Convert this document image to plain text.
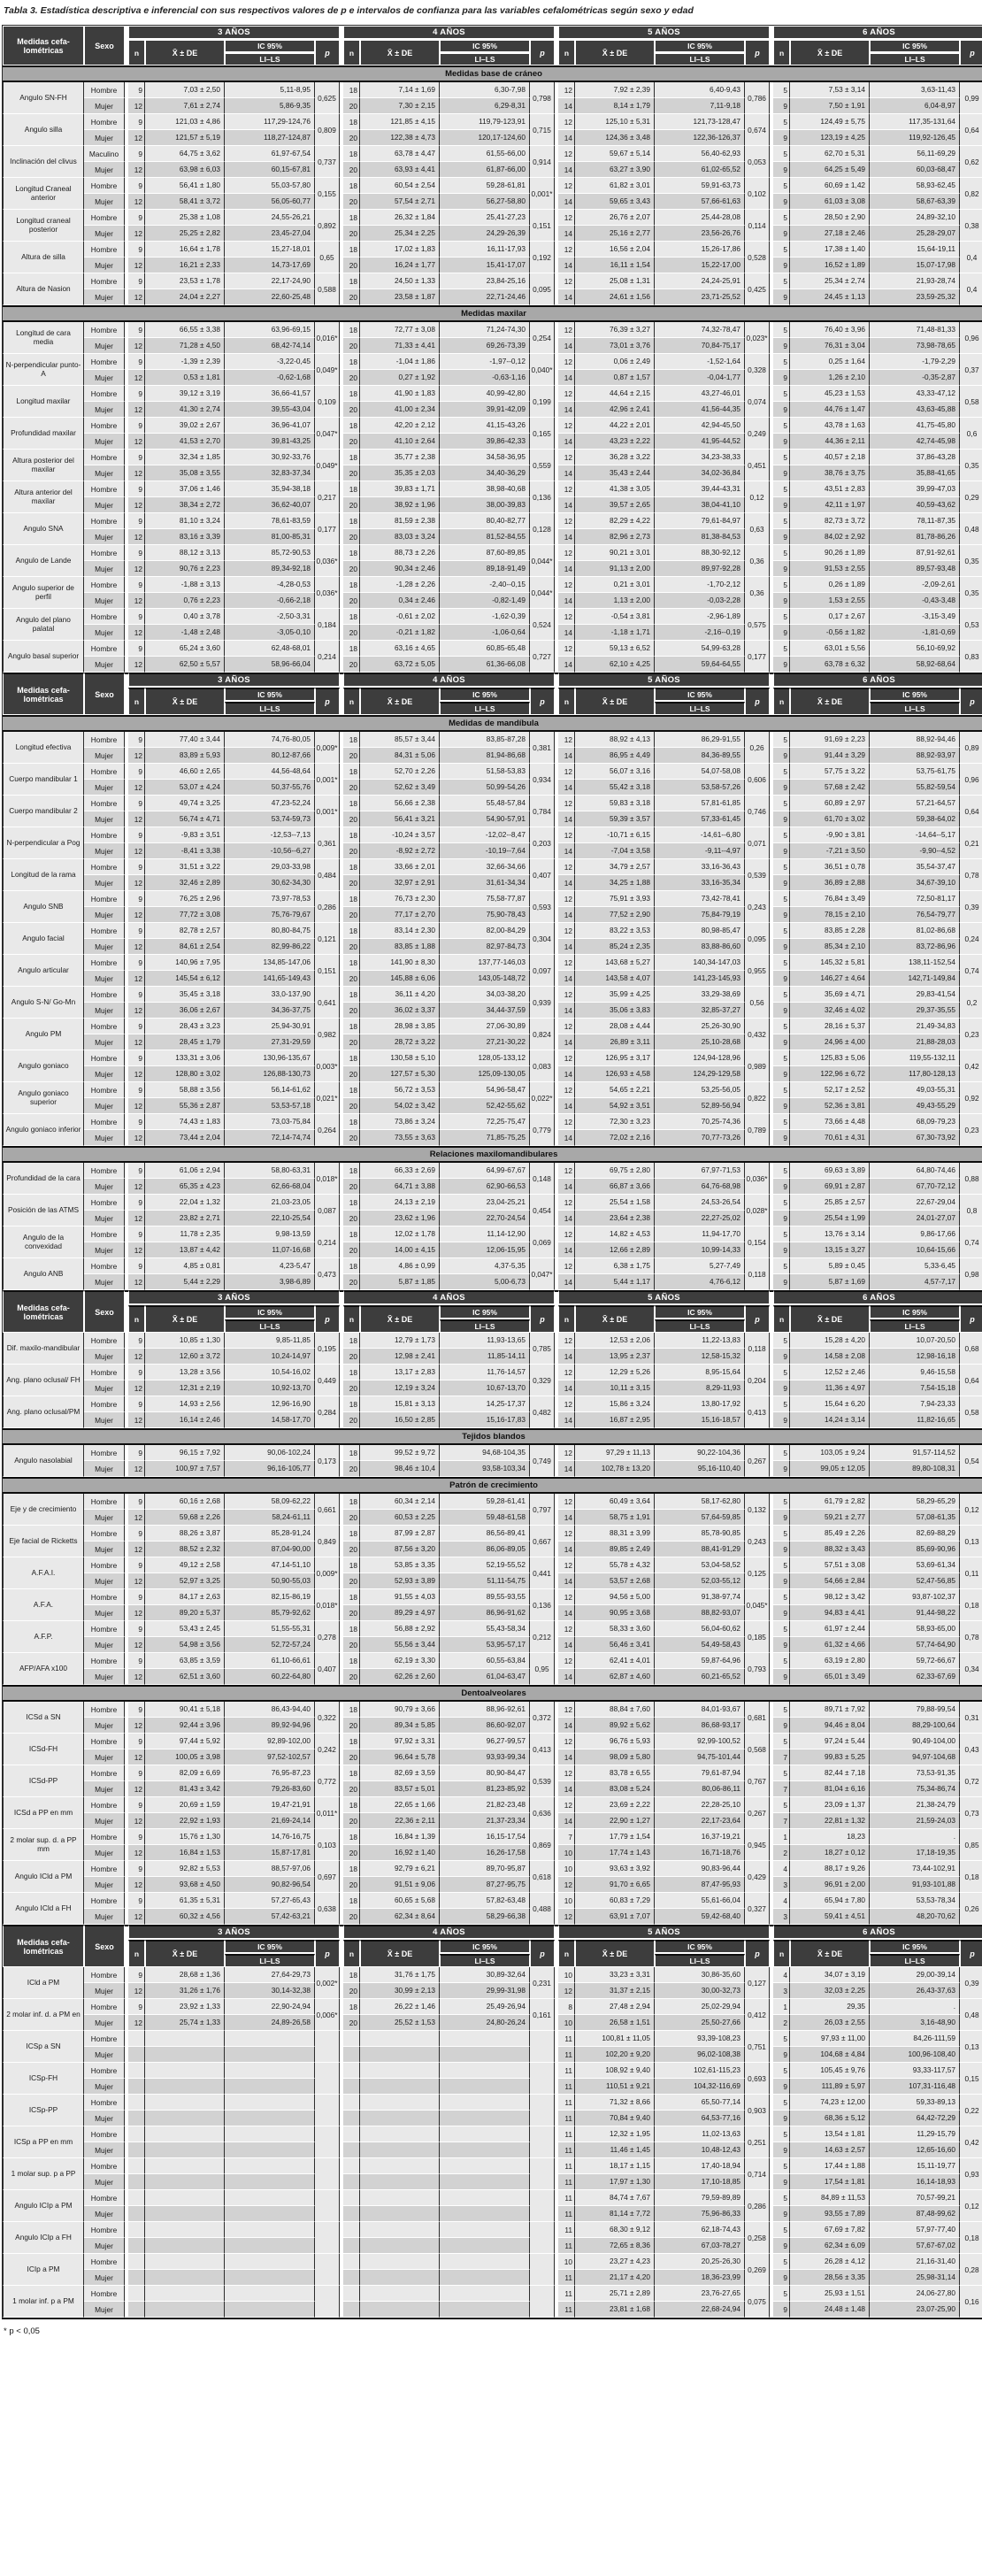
Tabla 3. Estadística descriptiva e inferencial con sus respectivos valores de p e intervalos de confianza para las variables cefalométricas según sexo y edad
Medidas cefalométricas	Sexo		3 AÑOS					4 AÑOS					5 AÑOS					6 AÑOS			
			n	X̄ ± DE	IC 95%	p		n	X̄ ± DE	IC 95%	p		n	X̄ ± DE	IC 95%	p		n	X̄ ± DE	IC 95%	p
					LI–LS					LI–LS					LI–LS					LI–LS	
Medidas base de cráneo																					
Angulo SN-FH	Hombre		9	7,03 ± 2,50	5,11-8,95	0,625		18	7,14 ± 1,69	6,30-7,98	0,798		12	7,92 ± 2,39	6,40-9,43	0,786		5	7,53 ± 3,14	3,63-11,43	0,99
	Mujer		12	7,61 ± 2,74	5,86-9,35			20	7,30 ± 2,15	6,29-8,31			14	8,14 ± 1,79	7,11-9,18			9	7,50 ± 1,91	6,04-8,97	
Angulo silla	Hombre		9	121,03 ± 4,86	117,29-124,76	0,809		18	121,85 ± 4,15	119,79-123,91	0,715		12	125,10 ± 5,31	121,73-128,47	0,674		5	124,49 ± 5,75	117,35-131,64	0,64
	Mujer		12	121,57 ± 5,19	118,27-124,87			20	122,38 ± 4,73	120,17-124,60			14	124,36 ± 3,48	122,36-126,37			9	123,19 ± 4,25	119,92-126,45	
Inclinación del clivus	Maculino		9	64,75 ± 3,62	61,97-67,54	0,737		18	63,78 ± 4,47	61,55-66,00	0,914		12	59,67 ± 5,14	56,40-62,93	0,053		5	62,70 ± 5,31	56,11-69,29	0,62
	Mujer		12	63,98 ± 6,03	60,15-67,81			20	63,93 ± 4,41	61,87-66,00			14	63,27 ± 3,90	61,02-65,52			9	64,25 ± 5,49	60,03-68,47	
Longitud Craneal anterior	Hombre		9	56,41 ± 1,80	55,03-57,80	0,155		18	60,54 ± 2,54	59,28-61,81	0,001*		12	61,82 ± 3,01	59,91-63,73	0,102		5	60,69 ± 1,42	58,93-62,45	0,82
	Mujer		12	58,41 ± 3,72	56,05-60,77			20	57,54 ± 2,71	56,27-58,80			14	59,65 ± 3,43	57,66-61,63			9	61,03 ± 3,08	58,67-63,39	
Longitud craneal posterior	Hombre		9	25,38 ± 1,08	24,55-26,21	0,892		18	26,32 ± 1,84	25,41-27,23	0,151		12	26,76 ± 2,07	25,44-28,08	0,114		5	28,50 ± 2,90	24,89-32,10	0,38
	Mujer		12	25,25 ± 2,82	23,45-27,04			20	25,34 ± 2,25	24,29-26,39			14	25,16 ± 2,77	23,56-26,76			9	27,18 ± 2,46	25,28-29,07	
Altura de silla	Hombre		9	16,64 ± 1,78	15,27-18,01	0,65		18	17,02 ± 1,83	16,11-17,93	0,192		12	16,56 ± 2,04	15,26-17,86	0,528		5	17,38 ± 1,40	15,64-19,11	0,4
	Mujer		12	16,21 ± 2,33	14,73-17,69			20	16,24 ± 1,77	15,41-17,07			14	16,11 ± 1,54	15,22-17,00			9	16,52 ± 1,89	15,07-17,98	
Altura de Nasion	Hombre		9	23,53 ± 1,78	22,17-24,90	0,588		18	24,50 ± 1,33	23,84-25,16	0,095		12	25,08 ± 1,31	24,24-25,91	0,425		5	25,34 ± 2,74	21,93-28,74	0,4
	Mujer		12	24,04 ± 2,27	22,60-25,48			20	23,58 ± 1,87	22,71-24,46			14	24,61 ± 1,56	23,71-25,52			9	24,45 ± 1,13	23,59-25,32	
Medidas maxilar																					
Longitud de cara media	Hombre		9	66,55 ± 3,38	63,96-69,15	0,016*		18	72,77 ± 3,08	71,24-74,30	0,254		12	76,39 ± 3,27	74,32-78,47	0,023*		5	76,40 ± 3,96	71,48-81,33	0,96
	Mujer		12	71,28 ± 4,50	68,42-74,14			20	71,33 ± 4,41	69,26-73,39			14	73,01 ± 3,76	70,84-75,17			9	76,31 ± 3,04	73,98-78,65	
N-perpendicular punto-A	Hombre		9	-1,39 ± 2,39	-3,22-0,45	0,049*		18	-1,04 ± 1,86	-1,97--0,12	0,040*		12	0,06 ± 2,49	-1,52-1,64	0,328		5	0,25 ± 1,64	-1,79-2,29	0,37
	Mujer		12	0,53 ± 1,81	-0,62-1,68			20	0,27 ± 1,92	-0,63-1,16			14	0,87 ± 1,57	-0,04-1,77			9	1,26 ± 2,10	-0,35-2,87	
Longitud maxilar	Hombre		9	39,12 ± 3,19	36,66-41,57	0,109		18	41,90 ± 1,83	40,99-42,80	0,199		12	44,64 ± 2,15	43,27-46,01	0,074		5	45,23 ± 1,53	43,33-47,12	0,58
	Mujer		12	41,30 ± 2,74	39,55-43,04			20	41,00 ± 2,34	39,91-42,09			14	42,96 ± 2,41	41,56-44,35			9	44,76 ± 1,47	43,63-45,88	
Profundidad maxilar	Hombre		9	39,02 ± 2,67	36,96-41,07	0,047*		18	42,20 ± 2,12	41,15-43,26	0,165		12	44,22 ± 2,01	42,94-45,50	0,249		5	43,78 ± 1,63	41,75-45,80	0,6
	Mujer		12	41,53 ± 2,70	39,81-43,25			20	41,10 ± 2,64	39,86-42,33			14	43,23 ± 2,22	41,95-44,52			9	44,36 ± 2,11	42,74-45,98	
Altura posterior del maxilar	Hombre		9	32,34 ± 1,85	30,92-33,76	0,049*		18	35,77 ± 2,38	34,58-36,95	0,559		12	36,28 ± 3,22	34,23-38,33	0,451		5	40,57 ± 2,18	37,86-43,28	0,35
	Mujer		12	35,08 ± 3,55	32,83-37,34			20	35,35 ± 2,03	34,40-36,29			14	35,43 ± 2,44	34,02-36,84			9	38,76 ± 3,75	35,88-41,65	
Altura anterior del maxilar	Hombre		9	37,06 ± 1,46	35,94-38,18	0,217		18	39,83 ± 1,71	38,98-40,68	0,136		12	41,38 ± 3,05	39,44-43,31	0,12		5	43,51 ± 2,83	39,99-47,03	0,29
	Mujer		12	38,34 ± 2,72	36,62-40,07			20	38,92 ± 1,96	38,00-39,83			14	39,57 ± 2,65	38,04-41,10			9	42,11 ± 1,97	40,59-43,62	
Angulo SNA	Hombre		9	81,10 ± 3,24	78,61-83,59	0,177		18	81,59 ± 2,38	80,40-82,77	0,128		12	82,29 ± 4,22	79,61-84,97	0,63		5	82,73 ± 3,72	78,11-87,35	0,48
	Mujer		12	83,16 ± 3,39	81,00-85,31			20	83,03 ± 3,24	81,52-84,55			14	82,96 ± 2,73	81,38-84,53			9	84,02 ± 2,92	81,78-86,26	
Angulo de Lande	Hombre		9	88,12 ± 3,13	85,72-90,53	0,036*		18	88,73 ± 2,26	87,60-89,85	0,044*		12	90,21 ± 3,01	88,30-92,12	0,36		5	90,26 ± 1,89	87,91-92,61	0,35
	Mujer		12	90,76 ± 2,23	89,34-92,18			20	90,34 ± 2,46	89,18-91,49			14	91,13 ± 2,00	89,97-92,28			9	91,53 ± 2,55	89,57-93,48	
Angulo superior de perfil	Hombre		9	-1,88 ± 3,13	-4,28-0,53	0,036*		18	-1,28 ± 2,26	-2,40--0,15	0,044*		12	0,21 ± 3,01	-1,70-2,12	0,36		5	0,26 ± 1,89	-2,09-2,61	0,35
	Mujer		12	0,76 ± 2,23	-0,66-2,18			20	0,34 ± 2,46	-0,82-1,49			14	1,13 ± 2,00	-0,03-2,28			9	1,53 ± 2,55	-0,43-3,48	
Angulo del plano palatal	Hombre		9	0,40 ± 3,78	-2,50-3,31	0,184		18	-0,61 ± 2,02	-1,62-0,39	0,524		12	-0,54 ± 3,81	-2,96-1,89	0,575		5	0,17 ± 2,67	-3,15-3,49	0,53
	Mujer		12	-1,48 ± 2,48	-3,05-0,10			20	-0,21 ± 1,82	-1,06-0,64			14	-1,18 ± 1,71	-2,16--0,19			9	-0,56 ± 1,82	-1,81-0,69	
Angulo basal superior	Hombre		9	65,24 ± 3,60	62,48-68,01	0,214		18	63,16 ± 4,65	60,85-65,48	0,727		12	59,13 ± 6,52	54,99-63,28	0,177		5	63,01 ± 5,56	56,10-69,92	0,83
	Mujer		12	62,50 ± 5,57	58,96-66,04			20	63,72 ± 5,05	61,36-66,08			14	62,10 ± 4,25	59,64-64,55			9	63,78 ± 6,32	58,92-68,64	
Medidas cefalométricas	Sexo		3 AÑOS					4 AÑOS					5 AÑOS					6 AÑOS			
			n	X̄ ± DE	IC 95%	p		n	X̄ ± DE	IC 95%	p		n	X̄ ± DE	IC 95%	p		n	X̄ ± DE	IC 95%	p
					LI–LS					LI–LS					LI–LS					LI–LS	
Medidas de mandíbula																					
Longitud efectiva	Hombre		9	77,40 ± 3,44	74,76-80,05	0,009*		18	85,57 ± 3,44	83,85-87,28	0,381		12	88,92 ± 4,13	86,29-91,55	0,26		5	91,69 ± 2,23	88,92-94,46	0,89
	Mujer		12	83,89 ± 5,93	80,12-87,66			20	84,31 ± 5,06	81,94-86,68			14	86,95 ± 4,49	84,36-89,55			9	91,44 ± 3,29	88,92-93,97	
Cuerpo mandibular 1	Hombre		9	46,60 ± 2,65	44,56-48,64	0,001*		18	52,70 ± 2,26	51,58-53,83	0,934		12	56,07 ± 3,16	54,07-58,08	0,606		5	57,75 ± 3,22	53,75-61,75	0,96
	Mujer		12	53,07 ± 4,24	50,37-55,76			20	52,62 ± 3,49	50,99-54,26			14	55,42 ± 3,18	53,58-57,26			9	57,68 ± 2,42	55,82-59,54	
Cuerpo mandibular 2	Hombre		9	49,74 ± 3,25	47,23-52,24	0,001*		18	56,66 ± 2,38	55,48-57,84	0,784		12	59,83 ± 3,18	57,81-61,85	0,746		5	60,89 ± 2,97	57,21-64,57	0,64
	Mujer		12	56,74 ± 4,71	53,74-59,73			20	56,41 ± 3,21	54,90-57,91			14	59,39 ± 3,57	57,33-61,45			9	61,70 ± 3,02	59,38-64,02	
N-perpendicular a Pog	Hombre		9	-9,83 ± 3,51	-12,53--7,13	0,361		18	-10,24 ± 3,57	-12,02--8,47	0,203		12	-10,71 ± 6,15	-14,61--6,80	0,071		5	-9,90 ± 3,81	-14,64--5,17	0,21
	Mujer		12	-8,41 ± 3,38	-10,56--6,27			20	-8,92 ± 2,72	-10,19--7,64			14	-7,04 ± 3,58	-9,11--4,97			9	-7,21 ± 3,50	-9,90--4,52	
Longitud de la rama	Hombre		9	31,51 ± 3,22	29,03-33,98	0,484		18	33,66 ± 2,01	32,66-34,66	0,407		12	34,79 ± 2,57	33,16-36,43	0,539		5	36,51 ± 0,78	35,54-37,47	0,78
	Mujer		12	32,46 ± 2,89	30,62-34,30			20	32,97 ± 2,91	31,61-34,34			14	34,25 ± 1,88	33,16-35,34			9	36,89 ± 2,88	34,67-39,10	
Angulo SNB	Hombre		9	76,25 ± 2,96	73,97-78,53	0,286		18	76,73 ± 2,30	75,58-77,87	0,593		12	75,91 ± 3,93	73,42-78,41	0,243		5	76,84 ± 3,49	72,50-81,17	0,39
	Mujer		12	77,72 ± 3,08	75,76-79,67			20	77,17 ± 2,70	75,90-78,43			14	77,52 ± 2,90	75,84-79,19			9	78,15 ± 2,10	76,54-79,77	
Angulo facial	Hombre		9	82,78 ± 2,57	80,80-84,75	0,121		18	83,14 ± 2,30	82,00-84,29	0,304		12	83,22 ± 3,53	80,98-85,47	0,095		5	83,85 ± 2,28	81,02-86,68	0,24
	Mujer		12	84,61 ± 2,54	82,99-86,22			20	83,85 ± 1,88	82,97-84,73			14	85,24 ± 2,35	83,88-86,60			9	85,34 ± 2,10	83,72-86,96	
Angulo articular	Hombre		9	140,96 ± 7,95	134,85-147,06	0,151		18	141,90 ± 8,30	137,77-146,03	0,097		12	143,68 ± 5,27	140,34-147,03	0,955		5	145,32 ± 5,81	138,11-152,54	0,74
	Mujer		12	145,54 ± 6,12	141,65-149,43			20	145,88 ± 6,06	143,05-148,72			14	143,58 ± 4,07	141,23-145,93			9	146,27 ± 4,64	142,71-149,84	
Angulo S-N/ Go-Mn	Hombre		9	35,45 ± 3,18	33,0-137,90	0,641		18	36,11 ± 4,20	34,03-38,20	0,939		12	35,99 ± 4,25	33,29-38,69	0,56		5	35,69 ± 4,71	29,83-41,54	0,2
	Mujer		12	36,06 ± 2,67	34,36-37,75			20	36,02 ± 3,37	34,44-37,59			14	35,06 ± 3,83	32,85-37,27			9	32,46 ± 4,02	29,37-35,55	
Angulo PM	Hombre		9	28,43 ± 3,23	25,94-30,91	0,982		18	28,98 ± 3,85	27,06-30,89	0,824		12	28,08 ± 4,44	25,26-30,90	0,432		5	28,16 ± 5,37	21,49-34,83	0,23
	Mujer		12	28,45 ± 1,79	27,31-29,59			20	28,72 ± 3,22	27,21-30,22			14	26,89 ± 3,11	25,10-28,68			9	24,96 ± 4,00	21,88-28,03	
Angulo goniaco	Hombre		9	133,31 ± 3,06	130,96-135,67	0,003*		18	130,58 ± 5,10	128,05-133,12	0,083		12	126,95 ± 3,17	124,94-128,96	0,989		5	125,83 ± 5,06	119,55-132,11	0,42
	Mujer		12	128,80 ± 3,02	126,88-130,73			20	127,57 ± 5,30	125,09-130,05			14	126,93 ± 4,58	124,29-129,58			9	122,96 ± 6,72	117,80-128,13	
Angulo goniaco superior	Hombre		9	58,88 ± 3,56	56,14-61,62	0,021*		18	56,72 ± 3,53	54,96-58,47	0,022*		12	54,65 ± 2,21	53,25-56,05	0,822		5	52,17 ± 2,52	49,03-55,31	0,92
	Mujer		12	55,36 ± 2,87	53,53-57,18			20	54,02 ± 3,42	52,42-55,62			14	54,92 ± 3,51	52,89-56,94			9	52,36 ± 3,81	49,43-55,29	
Angulo goniaco inferior	Hombre		9	74,43 ± 1,83	73,03-75,84	0,264		18	73,86 ± 3,24	72,25-75,47	0,779		12	72,30 ± 3,23	70,25-74,36	0,789		5	73,66 ± 4,48	68,09-79,23	0,23
	Mujer		12	73,44 ± 2,04	72,14-74,74			20	73,55 ± 3,63	71,85-75,25			14	72,02 ± 2,16	70,77-73,26			9	70,61 ± 4,31	67,30-73,92	
Relaciones maxilomandibulares																					
Profundidad de la cara	Hombre		9	61,06 ± 2,94	58,80-63,31	0,018*		18	66,33 ± 2,69	64,99-67,67	0,148		12	69,75 ± 2,80	67,97-71,53	0,036*		5	69,63 ± 3,89	64,80-74,46	0,88
	Mujer		12	65,35 ± 4,23	62,66-68,04			20	64,71 ± 3,88	62,90-66,53			14	66,87 ± 3,66	64,76-68,98			9	69,91 ± 2,87	67,70-72,12	
Posición de las ATMS	Hombre		9	22,04 ± 1,32	21,03-23,05	0,087		18	24,13 ± 2,19	23,04-25,21	0,454		12	25,54 ± 1,58	24,53-26,54	0,028*		5	25,85 ± 2,57	22,67-29,04	0,8
	Mujer		12	23,82 ± 2,71	22,10-25,54			20	23,62 ± 1,96	22,70-24,54			14	23,64 ± 2,38	22,27-25,02			9	25,54 ± 1,99	24,01-27,07	
Angulo de la convexidad	Hombre		9	11,78 ± 2,35	9,98-13,59	0,214		18	12,02 ± 1,78	11,14-12,90	0,069		12	14,82 ± 4,53	11,94-17,70	0,154		5	13,76 ± 3,14	9,86-17,66	0,74
	Mujer		12	13,87 ± 4,42	11,07-16,68			20	14,00 ± 4,15	12,06-15,95			14	12,66 ± 2,89	10,99-14,33			9	13,15 ± 3,27	10,64-15,66	
Angulo ANB	Hombre		9	4,85 ± 0,81	4,23-5,47	0,473		18	4,86 ± 0,99	4,37-5,35	0,047*		12	6,38 ± 1,75	5,27-7,49	0,118		5	5,89 ± 0,45	5,33-6,45	0,98
	Mujer		12	5,44 ± 2,29	3,98-6,89			20	5,87 ± 1,85	5,00-6,73			14	5,44 ± 1,17	4,76-6,12			9	5,87 ± 1,69	4,57-7,17	
Medidas cefalométricas	Sexo		3 AÑOS					4 AÑOS					5 AÑOS					6 AÑOS			
			n	X̄ ± DE	IC 95%	p		n	X̄ ± DE	IC 95%	p		n	X̄ ± DE	IC 95%	p		n	X̄ ± DE	IC 95%	p
					LI–LS					LI–LS					LI–LS					LI–LS	
Dif. maxilo-mandibular	Hombre		9	10,85 ± 1,30	9,85-11,85	0,195		18	12,79 ± 1,73	11,93-13,65	0,785		12	12,53 ± 2,06	11,22-13,83	0,118		5	15,28 ± 4,20	10,07-20,50	0,68
	Mujer		12	12,60 ± 3,72	10,24-14,97			20	12,98 ± 2,41	11,85-14,11			14	13,95 ± 2,37	12,58-15,32			9	14,58 ± 2,08	12,98-16,18	
Ang. plano oclusal/ FH	Hombre		9	13,28 ± 3,56	10,54-16,02	0,449		18	13,17 ± 2,83	11,76-14,57	0,329		12	12,29 ± 5,26	8,95-15,64	0,204		5	12,52 ± 2,46	9,46-15,58	0,64
	Mujer		12	12,31 ± 2,19	10,92-13,70			20	12,19 ± 3,24	10,67-13,70			14	10,11 ± 3,15	8,29-11,93			9	11,36 ± 4,97	7,54-15,18	
Ang. plano oclusal/PM	Hombre		9	14,93 ± 2,56	12,96-16,90	0,284		18	15,81 ± 3,13	14,25-17,37	0,482		12	15,86 ± 3,24	13,80-17,92	0,413		5	15,64 ± 6,20	7,94-23,33	0,58
	Mujer		12	16,14 ± 2,46	14,58-17,70			20	16,50 ± 2,85	15,16-17,83			14	16,87 ± 2,95	15,16-18,57			9	14,24 ± 3,14	11,82-16,65	
Tejidos blandos																					
Angulo nasolabial	Hombre		9	96,15 ± 7,92	90,06-102,24	0,173		18	99,52 ± 9,72	94,68-104,35	0,749		12	97,29 ± 11,13	90,22-104,36	0,267		5	103,05 ± 9,24	91,57-114,52	0,54
	Mujer		12	100,97 ± 7,57	96,16-105,77			20	98,46 ± 10,4	93,58-103,34			14	102,78 ± 13,20	95,16-110,40			9	99,05 ± 12,05	89,80-108,31	
Patrón de crecimiento																					
Eje y de crecimiento	Hombre		9	60,16 ± 2,68	58,09-62,22	0,661		18	60,34 ± 2,14	59,28-61,41	0,797		12	60,49 ± 3,64	58,17-62,80	0,132		5	61,79 ± 2,82	58,29-65,29	0,12
	Mujer		12	59,68 ± 2,26	58,24-61,11			20	60,53 ± 2,25	59,48-61,58			14	58,75 ± 1,91	57,64-59,85			9	59,21 ± 2,77	57,08-61,35	
Eje facial de Ricketts	Hombre		9	88,26 ± 3,87	85,28-91,24	0,849		18	87,99 ± 2,87	86,56-89,41	0,667		12	88,31 ± 3,99	85,78-90,85	0,243		5	85,49 ± 2,26	82,69-88,29	0,13
	Mujer		12	88,52 ± 2,32	87,04-90,00			20	87,56 ± 3,20	86,06-89,05			14	89,85 ± 2,49	88,41-91,29			9	88,32 ± 3,43	85,69-90,96	
A.F.A.I.	Hombre		9	49,12 ± 2,58	47,14-51,10	0,009*		18	53,85 ± 3,35	52,19-55,52	0,441		12	55,78 ± 4,32	53,04-58,52	0,125		5	57,51 ± 3,08	53,69-61,34	0,11
	Mujer		12	52,97 ± 3,25	50,90-55,03			20	52,93 ± 3,89	51,11-54,75			14	53,57 ± 2,68	52,03-55,12			9	54,66 ± 2,84	52,47-56,85	
A.F.A.	Hombre		9	84,17 ± 2,63	82,15-86,19	0,018*		18	91,55 ± 4,03	89,55-93,55	0,136		12	94,56 ± 5,00	91,38-97,74	0,045*		5	98,12 ± 3,42	93,87-102,37	0,18
	Mujer		12	89,20 ± 5,37	85,79-92,62			20	89,29 ± 4,97	86,96-91,62			14	90,95 ± 3,68	88,82-93,07			9	94,83 ± 4,41	91,44-98,22	
A.F.P.	Hombre		9	53,43 ± 2,45	51,55-55,31	0,278		18	56,88 ± 2,92	55,43-58,34	0,212		12	58,33 ± 3,60	56,04-60,62	0,185		5	61,97 ± 2,44	58,93-65,00	0,78
	Mujer		12	54,98 ± 3,56	52,72-57,24			20	55,56 ± 3,44	53,95-57,17			14	56,46 ± 3,41	54,49-58,43			9	61,32 ± 4,66	57,74-64,90	
AFP/AFA x100	Hombre		9	63,85 ± 3,59	61,10-66,61	0,407		18	62,19 ± 3,30	60,55-63,84	0,95		12	62,41 ± 4,01	59,87-64,96	0,793		5	63,19 ± 2,80	59,72-66,67	0,34
	Mujer		12	62,51 ± 3,60	60,22-64,80			20	62,26 ± 2,60	61,04-63,47			14	62,87 ± 4,60	60,21-65,52			9	65,01 ± 3,49	62,33-67,69	
Dentoalveolares																					
ICSd a SN	Hombre		9	90,41 ± 5,18	86,43-94,40	0,322		18	90,79 ± 3,66	88,96-92,61	0,372		12	88,84 ± 7,60	84,01-93,67	0,681		5	89,71 ± 7,92	79,88-99,54	0,31
	Mujer		12	92,44 ± 3,96	89,92-94,96			20	89,34 ± 5,85	86,60-92,07			14	89,92 ± 5,62	86,68-93,17			9	94,46 ± 8,04	88,29-100,64	
ICSd-FH	Hombre		9	97,44 ± 5,92	92,89-102,00	0,242		18	97,92 ± 3,31	96,27-99,57	0,413		12	96,76 ± 5,93	92,99-100,52	0,568		5	97,24 ± 5,44	90,49-104,00	0,43
	Mujer		12	100,05 ± 3,98	97,52-102,57			20	96,64 ± 5,78	93,93-99,34			14	98,09 ± 5,80	94,75-101,44			7	99,83 ± 5,25	94,97-104,68	
ICSd-PP	Hombre		9	82,09 ± 6,69	76,95-87,23	0,772		18	82,69 ± 3,59	80,90-84,47	0,539		12	83,78 ± 6,55	79,61-87,94	0,767		5	82,44 ± 7,18	73,53-91,35	0,72
	Mujer		12	81,43 ± 3,42	79,26-83,60			20	83,57 ± 5,01	81,23-85,92			14	83,08 ± 5,24	80,06-86,11			7	81,04 ± 6,16	75,34-86,74	
ICSd a PP en mm	Hombre		9	20,69 ± 1,59	19,47-21,91	0,011*		18	22,65 ± 1,66	21,82-23,48	0,636		12	23,69 ± 2,22	22,28-25,10	0,267		5	23,09 ± 1,37	21,38-24,79	0,73
	Mujer		12	22,92 ± 1,93	21,69-24,14			20	22,36 ± 2,11	21,37-23,34			14	22,90 ± 1,27	22,17-23,64			7	22,81 ± 1,32	21,59-24,03	
2 molar sup. d. a PP mm	Hombre		9	15,76 ± 1,30	14,76-16,75	0,103		18	16,84 ± 1,39	16,15-17,54	0,869		7	17,79 ± 1,54	16,37-19,21	0,945		1	18,23	.	0,85
	Mujer		12	16,84 ± 1,53	15,87-17,81			20	16,92 ± 1,40	16,26-17,58			10	17,74 ± 1,43	16,71-18,76			2	18,27 ± 0,12	17,18-19,35	
Angulo ICld a PM	Hombre		9	92,82 ± 5,53	88,57-97,06	0,697		18	92,79 ± 6,21	89,70-95,87	0,618		10	93,63 ± 3,92	90,83-96,44	0,429		4	88,17 ± 9,26	73,44-102,91	0,18
	Mujer		12	93,68 ± 4,50	90,82-96,54			20	91,51 ± 9,06	87,27-95,75			12	91,70 ± 6,65	87,47-95,93			3	96,91 ± 2,00	91,93-101,88	
Angulo ICld a FH	Hombre		9	61,35 ± 5,31	57,27-65,43	0,638		18	60,65 ± 5,68	57,82-63,48	0,488		10	60,83 ± 7,29	55,61-66,04	0,327		4	65,94 ± 7,80	53,53-78,34	0,26
	Mujer		12	60,32 ± 4,56	57,42-63,21			20	62,34 ± 8,64	58,29-66,38			12	63,91 ± 7,07	59,42-68,40			3	59,41 ± 4,51	48,20-70,62	
Medidas cefalométricas	Sexo		3 AÑOS					4 AÑOS					5 AÑOS					6 AÑOS			
			n	X̄ ± DE	IC 95%	p		n	X̄ ± DE	IC 95%	p		n	X̄ ± DE	IC 95%	p		n	X̄ ± DE	IC 95%	p
					LI–LS					LI–LS					LI–LS					LI–LS	
ICld a PM	Hombre		9	28,68 ± 1,36	27,64-29,73	0,002*		18	31,76 ± 1,75	30,89-32,64	0,231		10	33,23 ± 3,31	30,86-35,60	0,127		4	34,07 ± 3,19	29,00-39,14	0,39
	Mujer		12	31,26 ± 1,76	30,14-32,38			20	30,99 ± 2,13	29,99-31,98			12	31,37 ± 2,15	30,00-32,73			3	32,03 ± 2,25	26,43-37,63	
2 molar inf. d. a PM en	Hombre		9	23,92 ± 1,33	22,90-24,94	0,006*		18	26,22 ± 1,46	25,49-26,94	0,161		8	27,48 ± 2,94	25,02-29,94	0,412		1	29,35	.	0,48
	Mujer		12	25,74 ± 1,33	24,89-26,58			20	25,52 ± 1,53	24,80-26,24			10	26,58 ± 1,51	25,50-27,66			2	26,03 ± 2,55	3,16-48,90	
ICSp a SN	Hombre												11	100,81 ± 11,05	93,39-108,23	0,751		5	97,93 ± 11,00	84,26-111,59	0,13
	Mujer												11	102,20 ± 9,20	96,02-108,38			9	104,68 ± 4,84	100,96-108,40	
ICSp-FH	Hombre												11	108,92 ± 9,40	102,61-115,23	0,693		5	105,45 ± 9,76	93,33-117,57	0,15
	Mujer												11	110,51 ± 9,21	104,32-116,69			9	111,89 ± 5,97	107,31-116,48	
ICSp-PP	Hombre												11	71,32 ± 8,66	65,50-77,14	0,903		5	74,23 ± 12,00	59,33-89,13	0,22
	Mujer												11	70,84 ± 9,40	64,53-77,16			9	68,36 ± 5,12	64,42-72,29	
ICSp a PP en mm	Hombre												11	12,32 ± 1,95	11,02-13,63	0,251		5	13,54 ± 1,81	11,29-15,79	0,42
	Mujer												11	11,46 ± 1,45	10,48-12,43			9	14,63 ± 2,57	12,65-16,60	
1 molar sup. p a PP	Hombre												11	18,17 ± 1,15	17,40-18,94	0,714		5	17,44 ± 1,88	15,11-19,77	0,93
	Mujer												11	17,97 ± 1,30	17,10-18,85			9	17,54 ± 1,81	16,14-18,93	
Angulo ICIp a PM	Hombre												11	84,74 ± 7,67	79,59-89,89	0,286		5	84,89 ± 11,53	70,57-99,21	0,12
	Mujer												11	81,14 ± 7,72	75,96-86,33			9	93,55 ± 7,89	87,48-99,62	
Angulo ICIp a FH	Hombre												11	68,30 ± 9,12	62,18-74,43	0,258		5	67,69 ± 7,82	57,97-77,40	0,18
	Mujer												11	72,65 ± 8,36	67,03-78,27			9	62,34 ± 6,09	57,67-67,02	
ICIp a PM	Hombre												10	23,27 ± 4,23	20,25-26,30	0,269		5	26,28 ± 4,12	21,16-31,40	0,28
	Mujer												11	21,17 ± 4,20	18,36-23,99			9	28,56 ± 3,35	25,98-31,14	
1 molar inf. p a PM	Hombre												11	25,71 ± 2,89	23,76-27,65	0,075		5	25,93 ± 1,51	24,06-27,80	0,16
	Mujer												11	23,81 ± 1,68	22,68-24,94			9	24,48 ± 1,48	23,07-25,90	
* p < 0,05
